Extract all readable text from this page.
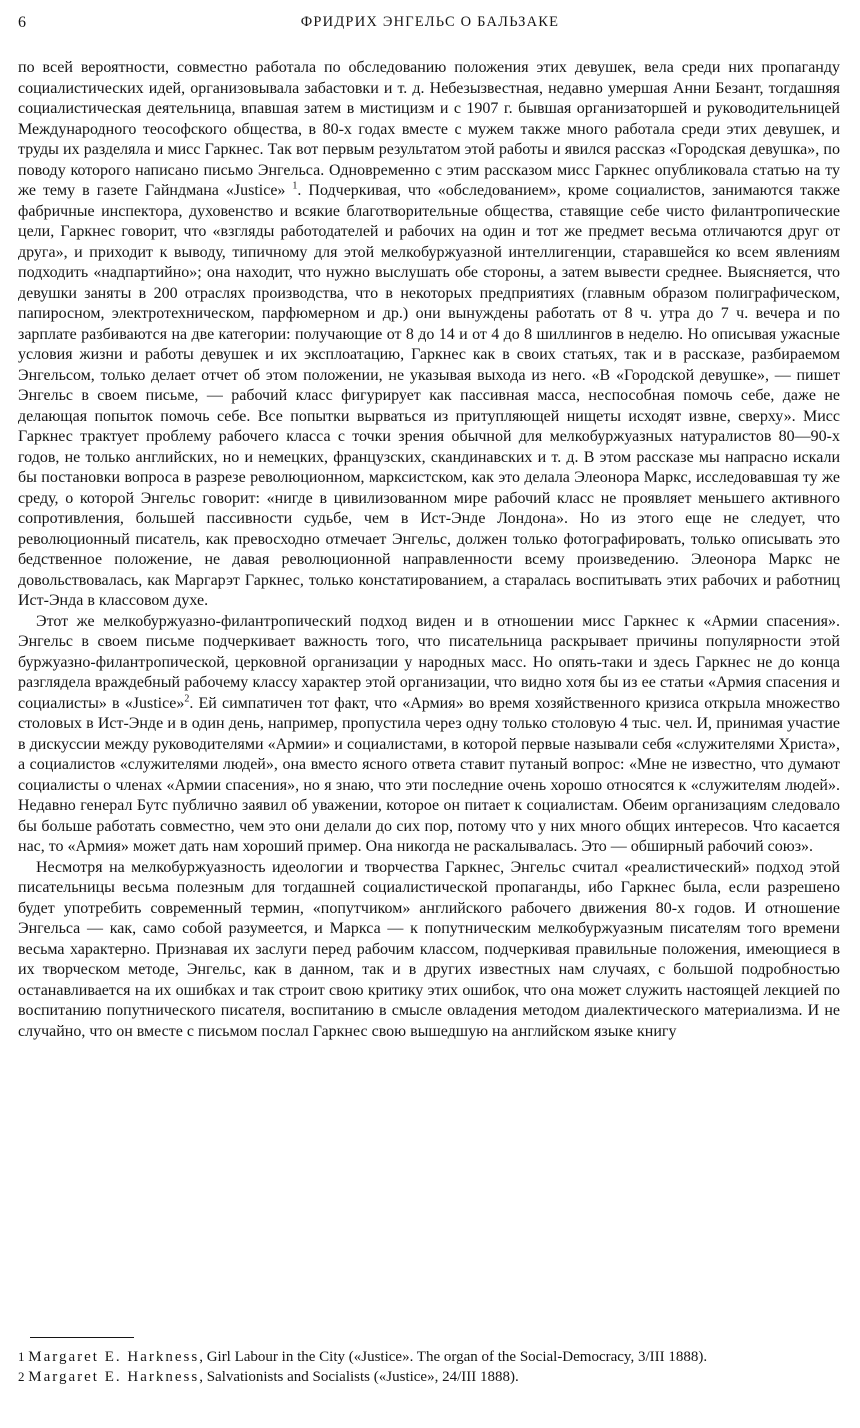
6	ФРИДРИХ ЭНГЕЛЬС О БАЛЬЗАКЕ

по всей вероятности, совместно работала по обследованию положения этих девушек, вела среди них пропаганду социалистических идей, организовывала забастовки и т. д. Небезызвестная, недавно умершая Анни Безант, тогдашняя социалистическая деятельница, впавшая затем в мистицизм и с 1907 г. бывшая организаторшей и руководительницей Международного теософского общества, в 80-х годах вместе с мужем также много работала среди этих девушек, и труды их разделяла и мисс Гаркнес. Так вот первым результатом этой работы и явился рассказ «Городская девушка», по поводу которого написано письмо Энгельса. Одновременно с этим рассказом мисс Гаркнес опубликовала статью на ту же тему в газете Гайндмана «Justice» $^1$. Подчеркивая, что «обследованием», кроме социалистов, занимаются также фабричные инспектора, духовенство и всякие благотворительные общества, ставящие себе чисто филантропические цели, Гаркнес говорит, что «взгляды работодателей и рабочих на один и тот же предмет весьма отличаются друг от друга», и приходит к выводу, типичному для этой мелкобуржуазной интеллигенции, старавшейся ко всем явлениям подходить «надпартийно»; она находит, что нужно выслушать обе стороны, а затем вывести среднее. Выясняется, что девушки заняты в 200 отраслях производства, что в некоторых предприятиях (главным образом полиграфическом, папиросном, электротехническом, парфюмерном и др.) они вынуждены работать от 8 ч. утра до 7 ч. вечера и по зарплате разбиваются на две категории: получающие от 8 до 14 и от 4 до 8 шиллингов в неделю. Но описывая ужасные условия жизни и работы девушек и их эксплоатацию, Гаркнес как в своих статьях, так и в рассказе, разбираемом Энгельсом, только делает отчет об этом положении, не указывая выхода из него. «В «Городской девушке», — пишет Энгельс в своем письме, — рабочий класс фигурирует как пассивная масса, неспособная помочь себе, даже не делающая попыток помочь себе. Все попытки вырваться из притупляющей нищеты исходят извне, сверху». Мисс Гаркнес трактует проблему рабочего класса с точки зрения обычной для мелкобуржуазных натуралистов 80—90-х годов, не только английских, но и немецких, французских, скандинавских и т. д. В этом рассказе мы напрасно искали бы постановки вопроса в разрезе революционном, марксистском, как это делала Элеонора Маркс, исследовавшая ту же среду, о которой Энгельс говорит: «нигде в цивилизованном мире рабочий класс не проявляет меньшего активного сопротивления, большей пассивности судьбе, чем в Ист-Энде Лондона». Но из этого еще не следует, что революционный писатель, как превосходно отмечает Энгельс, должен только фотографировать, только описывать это бедственное положение, не давая революционной направленности всему произведению. Элеонора Маркс не довольствовалась, как Маргарэт Гаркнес, только констатированием, а старалась воспитывать этих рабочих и работниц Ист-Энда в классовом духе.

Этот же мелкобуржуазно-филантропический подход виден и в отношении мисс Гаркнес к «Армии спасения». Энгельс в своем письме подчеркивает важность того, что писательница раскрывает причины популярности этой буржуазно-филантропической, церковной организации у народных масс. Но опять-таки и здесь Гаркнес не до конца разглядела враждебный рабочему классу характер этой организации, что видно хотя бы из ее статьи «Армия спасения и социалисты» в «Justice»$^2$. Ей симпатичен тот факт, что «Армия» во время хозяйственного кризиса открыла множество столовых в Ист-Энде и в один день, например, пропустила через одну только столовую 4 тыс. чел. И, принимая участие в дискуссии между руководителями «Армии» и социалистами, в которой первые называли себя «служителями Христа», а социалистов «служителями людей», она вместо ясного ответа ставит путаный вопрос: «Мне не известно, что думают социалисты о членах «Армии спасения», но я знаю, что эти последние очень хорошо относятся к «служителям людей». Недавно генерал Бутс публично заявил об уважении, которое он питает к социалистам. Обеим организациям следовало бы больше работать совместно, чем это они делали до сих пор, потому что у них много общих интересов. Что касается нас, то «Армия» может дать нам хороший пример. Она никогда не раскалывалась. Это — обширный рабочий союз».

Несмотря на мелкобуржуазность идеологии и творчества Гаркнес, Энгельс считал «реалистический» подход этой писательницы весьма полезным для тогдашней социалистической пропаганды, ибо Гаркнес была, если разрешено будет употребить современный термин, «попутчиком» английского рабочего движения 80-х годов. И отношение Энгельса — как, само собой разумеется, и Маркса — к попутническим мелкобуржуазным писателям того времени весьма характерно. Признавая их заслуги перед рабочим классом, подчеркивая правильные положения, имеющиеся в их творческом методе, Энгельс, как в данном, так и в других известных нам случаях, с большой подробностью останавливается на их ошибках и так строит свою критику этих ошибок, что она может служить настоящей лекцией по воспитанию попутнического писателя, воспитанию в смысле овладения методом диалектического материализма. И не случайно, что он вместе с письмом послал Гаркнес свою вышедшую на английском языке книгу

1 Margaret E. Harkness, Girl Labour in the City («Justice». The organ of the Social-Democracy, 3/III 1888).

2 Margaret E. Harkness, Salvationists and Socialists («Justice», 24/III 1888).
